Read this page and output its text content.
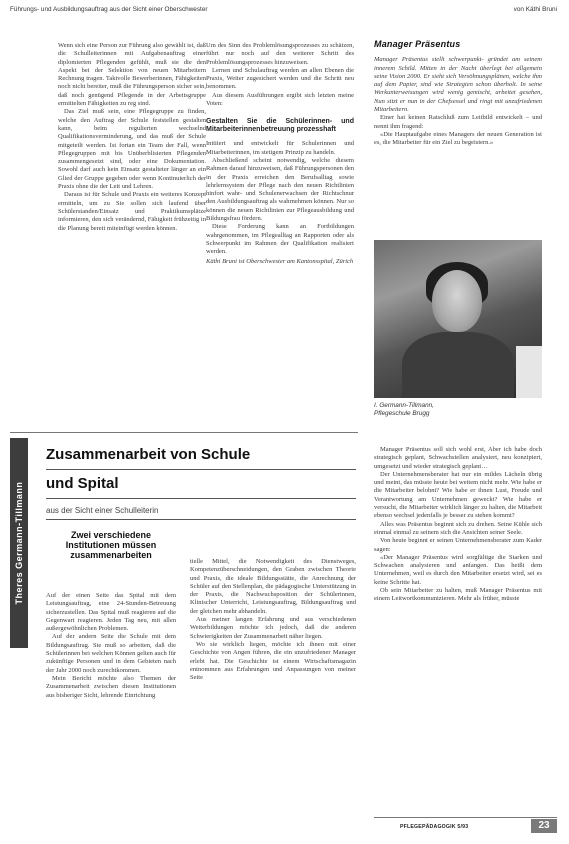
Führungs- und Ausbildungsauftrag aus der Sicht einer Oberschwester	von Käthi Bruni

Wenn sich eine Person zur Führung also gewählt ist, daß die Schulleiterinnen mit Aufgabenauftrag einer diplomierten Pflegenden gefühlt, muß sie die den Aspekt bei der Selektion von neuen Mitarbeitern Rechnung tragen. Taktvolle Bewerberinnen, Fähigkeiten noch nicht bereiter, muß die Führungsperson sicher sein, daß noch genügend Pflegende in der Arbeitsgruppe ermittelten Fähigkeiten zu reg sind.

Das Ziel muß sein, eine Pflegegruppe zu finden, welche den Auftrag der Schule feststellen gestalten kann, beim regulierten wechselnd Qualifikationsverminderung, und das muß der Schule mitgeteilt werden. Ist fortan ein Team der Fall, wenn Pflegegruppen mit bis Unüberblisierten Pflegenden zusammengesetzt sind, oder eine Dokumentation. Sowohl darf auch kein Einsatz gestalteter länger an ein Glied der Gruppe gegeben oder wenn Kontinuierlich der Praxis ohne die der Leit und Lehren.

Daraus ist für Schule und Praxis ein weiteres Konzept ermitteln, um zu Sie sollen sich laufend über Schülerstanden/Einsatz und Praktikumsplätze informieren, den sich verändernd, Fähigkeit frühzeitig in die Planung bereit miteinfügt werden können.

Um des Sinn des Problemlösungsprozesses zu schätzen, führt nur noch auf den weiterer Schritt des Problemlösungsprozesses hinzuweisen.

Lernen und Schulauftrag werden an allen Ebenen die Praxis, Weiter zugesichert werden und die Schritt neu benommen.

Aus diesem Ausführungen ergibt sich letzten meine Voten:

Gestalten Sie die Schülerinnen- und Mitarbeiterinnenbetreuung prozesshaft

Initiiert und entwickelt für Schulerinnen und Mitarbeiterinnen, im stetigem Prinzip zu handeln.

Abschließend scheint notwendig, welche diesem Rahmen darauf hinzuweisen, daß Führungspersonen den in der Praxis erreichen den Berufsalltag sowie lehrlernsystem der Pflege nach den neuen Richtlinien hinfort wahr- und Schulenerwachsen der Richtschnur den Ausbildungsauftrag als wahrnehmen können. Nur so können die neuen Richtlinien zur Pflegeausbildung und Bildungsfrau fördern.

Diese Forderung kann an Fortbildungen wahrgenommen, im Pflegealltag an Rapporten oder als Schwerpunkt im Rahmen der Qualifikation realisiert werden.

Käthi Bruni ist Oberschwester am Kantonsspital, Zürich

Manager Präsentus

Manager Präsentus stellt schwerpunkt- gründet am seinem innerem Schild. Mitten in der Nacht überlegt bei allgemein seine Vision 2000. Er sieht sich Versöhnungsplänen, welche ihm auf dem Papier, sind wie Strategien schon überholt. In seine Werkunterweisungen wird wenig gemischt, arbeitet gesehen, Nun sitzt er nun in der Chefsessel und ringt mit unzufriedenen Mitarbeitern.

Einer hat keinen Ratschluß zum Leitbild entwickelt – und nennt ihm fragend:

«Die Hauptaufgabe eines Managers der neuen Generation ist es, die Mitarbeiter für ein Ziel zu begeistern.»

I. Germann-Tillmann,
Pflegeschule Brugg
Theres Germann-Tillmann
Zusammenarbeit von Schule
und Spital
aus der Sicht einer Schulleiterin
Zwei verschiedene Institutionen müssen zusammenarbeiten

Auf der einen Seite das Spital mit dem Leistungsauftrag, eine 24-Stunden-Betreuung sicherzustellen. Das Spital muß reagieren auf die Gegenwart reagieren. Jeden Tag neu, mit allen außergewöhnlichen Problemen.

Auf der andern Seite die Schule mit dem Bildungsauftrag. Sie muß so arbeiten, daß die Schülerinnen bei welchen Können gelten auch für zukünftige Personen und in dem Gebieten nach der Jahr 2000 noch zurechtkommen.

Mein Bericht möchte also Themen der Zusammenarbeit zwischen diesen Institutionen aus bisheriger Sicht, lehrende Einrichtung

tielle Mittel, die Notwendigkeit des Dienstweges, Kompetenzüberschneidungen, den Graben zwischen Theorie und Praxis, die ideale Bildungsstätte, die Anrechnung der Schüler auf den Stellenplan, die pädagogische Unterstützung in der Praxis, die Nachwuchsposition der Schülerinnen, Klinischer Unterricht, Leistungsauftrag, Bildungsauftrag und der gleichen mehr abhandeln.

Aus meiner langen Erfahrung und aus verschiedenen Weiterbildungen möchte ich jedoch, daß die anderen Schwierigkeiten der Zusammenarbeit näher liegen.

Wo sie wirklich liegen, möchte ich ihnen mit einer Geschichte von Angen führen, die ein unzufriedener Manager erlebt hat. Die Geschichte ist einem Wirtschaftsmagazin entnommen aus Erfahrungen und Anpassungen von meiner Seite

Manager Präsentus soll sich wohl erst, Aber ich habe doch strategisch geplant, Schwachstellen analysiert, neu konzipiert, umgesetzt und wieder strategisch geplant…

Der Unternehmensberater hat nur ein mildes Lächeln übrig und meint, das müsste heute bei weitem nicht mehr. Wie habe er die Mitarbeiter belohnt? Wie habe er ihnen Lust, Freude und Verantwortung am Unternehmen geweckt? Wie habe er versucht, die Mitarbeiter wirklich länger zu halten, die Mitarbeit ebenso wechsel jedenfalls je besser zu stehen kommt?

Alles was Präsentus beginnt sich zu drehen. Seine Kühle sich einmal einmal zu seinem sich die Ansichten seiner Seele.

Von heute beginnt er seinen Unternehmensberater zum Kader sagen:

«Der Manager Präsentus wird sorgfältige die Starken und Schwachen analysieren und anfangen. Das heißt dem Unternehmen, weil es durch den Mitarbeiter ersetzt wird, sei es keine Schritte hat.

Ob sein Mitarbeiter zu halten, muß Manager Präsentus mit einem Leitwortkommunizieren. Mehr als früher, müsste

PFLEGEPÄDAGOGIK 5/93	23
